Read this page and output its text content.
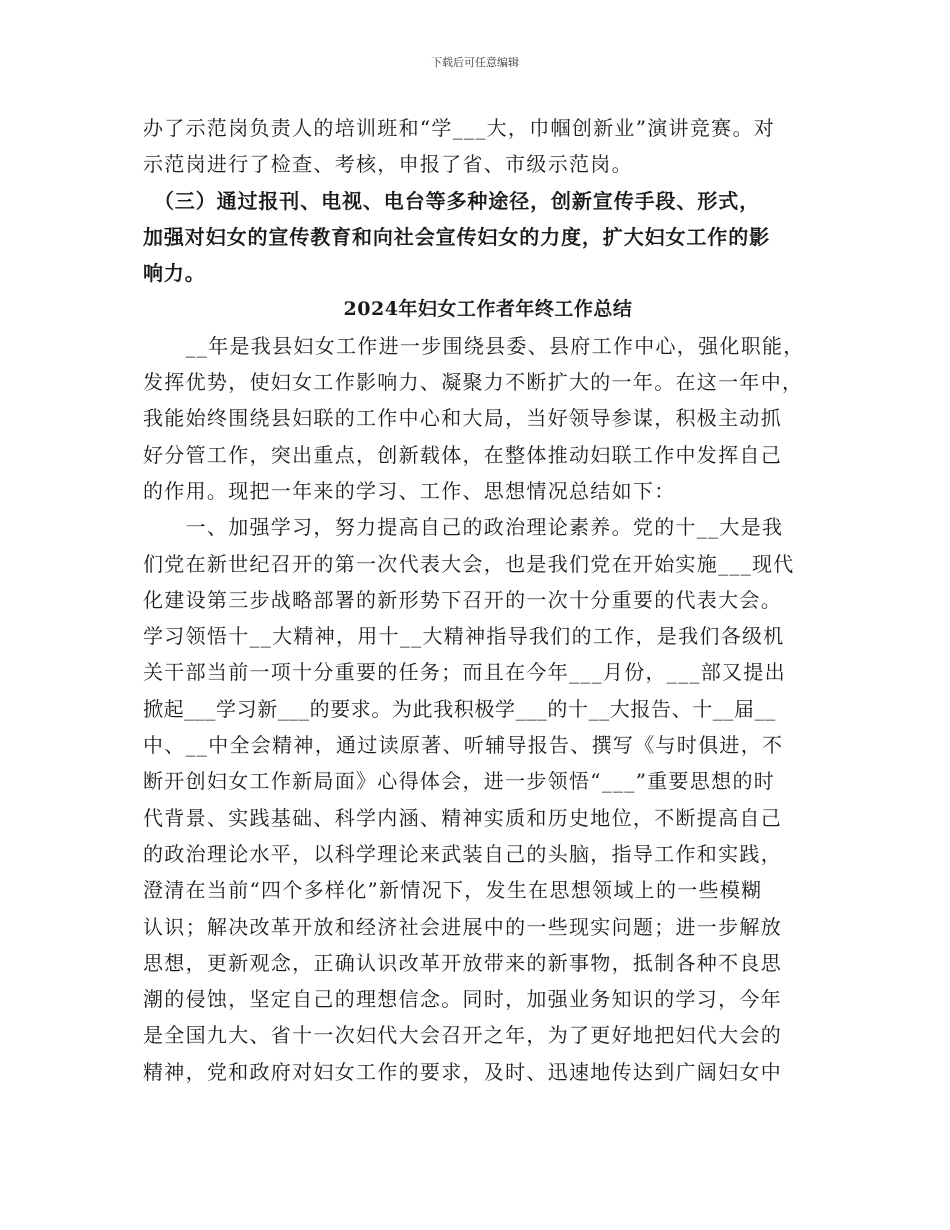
下载后可任意编辑
办了示范岗负责人的培训班和“学___大，巾帼创新业”演讲竞赛。对
示范岗进行了检查、考核，申报了省、市级示范岗。
　（三）通过报刊、电视、电台等多种途径，创新宣传手段、形式，
加强对妇女的宣传教育和向社会宣传妇女的力度，扩大妇女工作的影
响力。
2024年妇女工作者年终工作总结
　　__年是我县妇女工作进一步围绕县委、县府工作中心，强化职能，
发挥优势，使妇女工作影响力、凝聚力不断扩大的一年。在这一年中，
我能始终围绕县妇联的工作中心和大局，当好领导参谋，积极主动抓
好分管工作，突出重点，创新载体，在整体推动妇联工作中发挥自己
的作用。现把一年来的学习、工作、思想情况总结如下：
　　一、加强学习，努力提高自己的政治理论素养。党的十__大是我
们党在新世纪召开的第一次代表大会，也是我们党在开始实施___现代
化建设第三步战略部署的新形势下召开的一次十分重要的代表大会。
学习领悟十__大精神，用十__大精神指导我们的工作，是我们各级机
关干部当前一项十分重要的任务；而且在今年___月份，___部又提出
掀起___学习新___的要求。为此我积极学___的十__大报告、十__届__
中、__中全会精神，通过读原著、听辅导报告、撰写《与时俱进，不
断开创妇女工作新局面》心得体会，进一步领悟“___”重要思想的时
代背景、实践基础、科学内涵、精神实质和历史地位，不断提高自己
的政治理论水平，以科学理论来武装自己的头脑，指导工作和实践，
澄清在当前“四个多样化”新情况下，发生在思想领域上的一些模糊
认识；解决改革开放和经济社会进展中的一些现实问题；进一步解放
思想，更新观念，正确认识改革开放带来的新事物，抵制各种不良思
潮的侵蚀，坚定自己的理想信念。同时，加强业务知识的学习，今年
是全国九大、省十一次妇代大会召开之年，为了更好地把妇代大会的
精神，党和政府对妇女工作的要求，及时、迅速地传达到广阔妇女中
